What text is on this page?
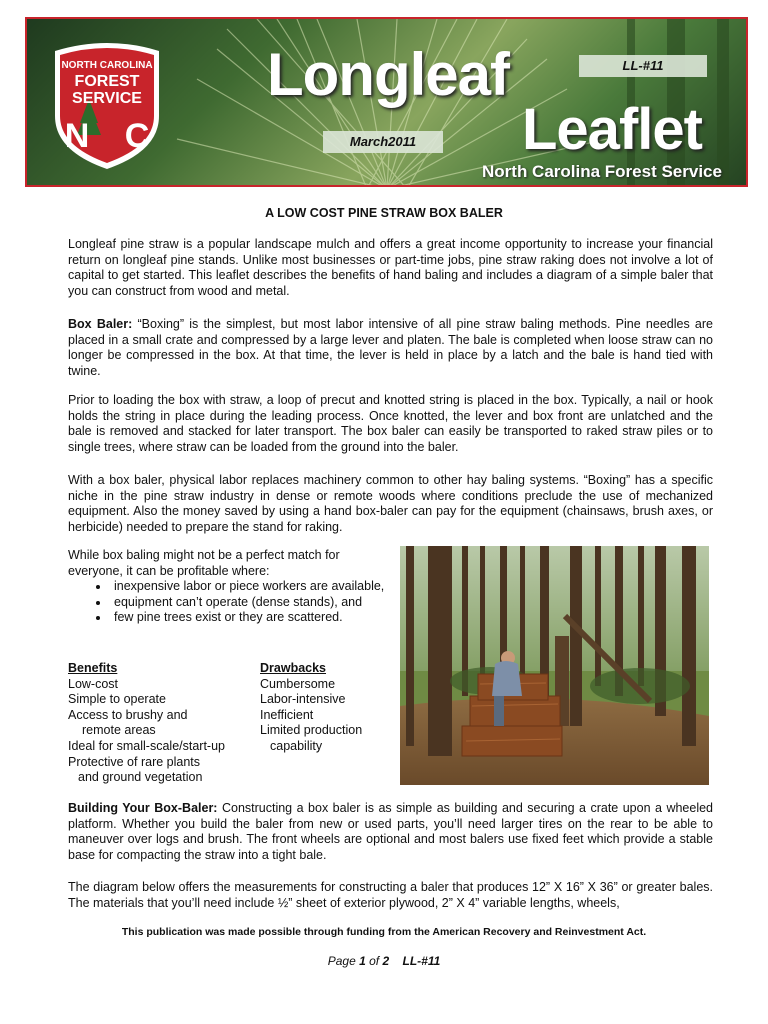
NORTH CAROLINA
FOREST
SERVICE
N C
Longleaf
Leaflet
LL-#11
March2011
North Carolina Forest Service
A LOW COST PINE STRAW BOX BALER

Longleaf pine straw is a popular landscape mulch and offers a great income opportunity to increase your financial return on longleaf pine stands. Unlike most businesses or part-time jobs, pine straw raking does not involve a lot of capital to get started. This leaflet describes the benefits of hand baling and includes a diagram of a simple baler that you can construct from wood and metal.

Box Baler: “Boxing” is the simplest, but most labor intensive of all pine straw baling methods. Pine needles are placed in a small crate and compressed by a large lever and platen. The bale is completed when loose straw can no longer be compressed in the box. At that time, the lever is held in place by a latch and the bale is hand tied with twine.

Prior to loading the box with straw, a loop of precut and knotted string is placed in the box. Typically, a nail or hook holds the string in place during the leading process. Once knotted, the lever and box front are unlatched and the bale is removed and stacked for later transport. The box baler can easily be transported to raked straw piles or to single trees, where straw can be loaded from the ground into the baler.

With a box baler, physical labor replaces machinery common to other hay baling systems. “Boxing” has a specific niche in the pine straw industry in dense or remote woods where conditions preclude the use of mechanized equipment. Also the money saved by using a hand box-baler can pay for the equipment (chainsaws, brush axes, or herbicide) needed to prepare the stand for raking.

While box baling might not be a perfect match for everyone, it can be profitable where:
• inexpensive labor or piece workers are available,
• equipment can’t operate (dense stands), and
• few pine trees exist or they are scattered.
Benefits
Low-cost
Simple to operate
Access to brushy and
remote areas
Ideal for small-scale/start-up
Protective of rare plants
and ground vegetation
Drawbacks
Cumbersome
Labor-intensive
Inefficient
Limited production
capability

Building Your Box-Baler: Constructing a box baler is as simple as building and securing a crate upon a wheeled platform. Whether you build the baler from new or used parts, you’ll need larger tires on the rear to be able to maneuver over logs and brush. The front wheels are optional and most balers use fixed feet which provide a stable base for compacting the straw into a tight bale.

The diagram below offers the measurements for constructing a baler that produces 12” X 16” X 36” or greater bales. The materials that you’ll need include ½” sheet of exterior plywood, 2” X 4” variable lengths, wheels,

This publication was made possible through funding from the American Recovery and Reinvestment Act.
Page 1 of 2 LL-#11
